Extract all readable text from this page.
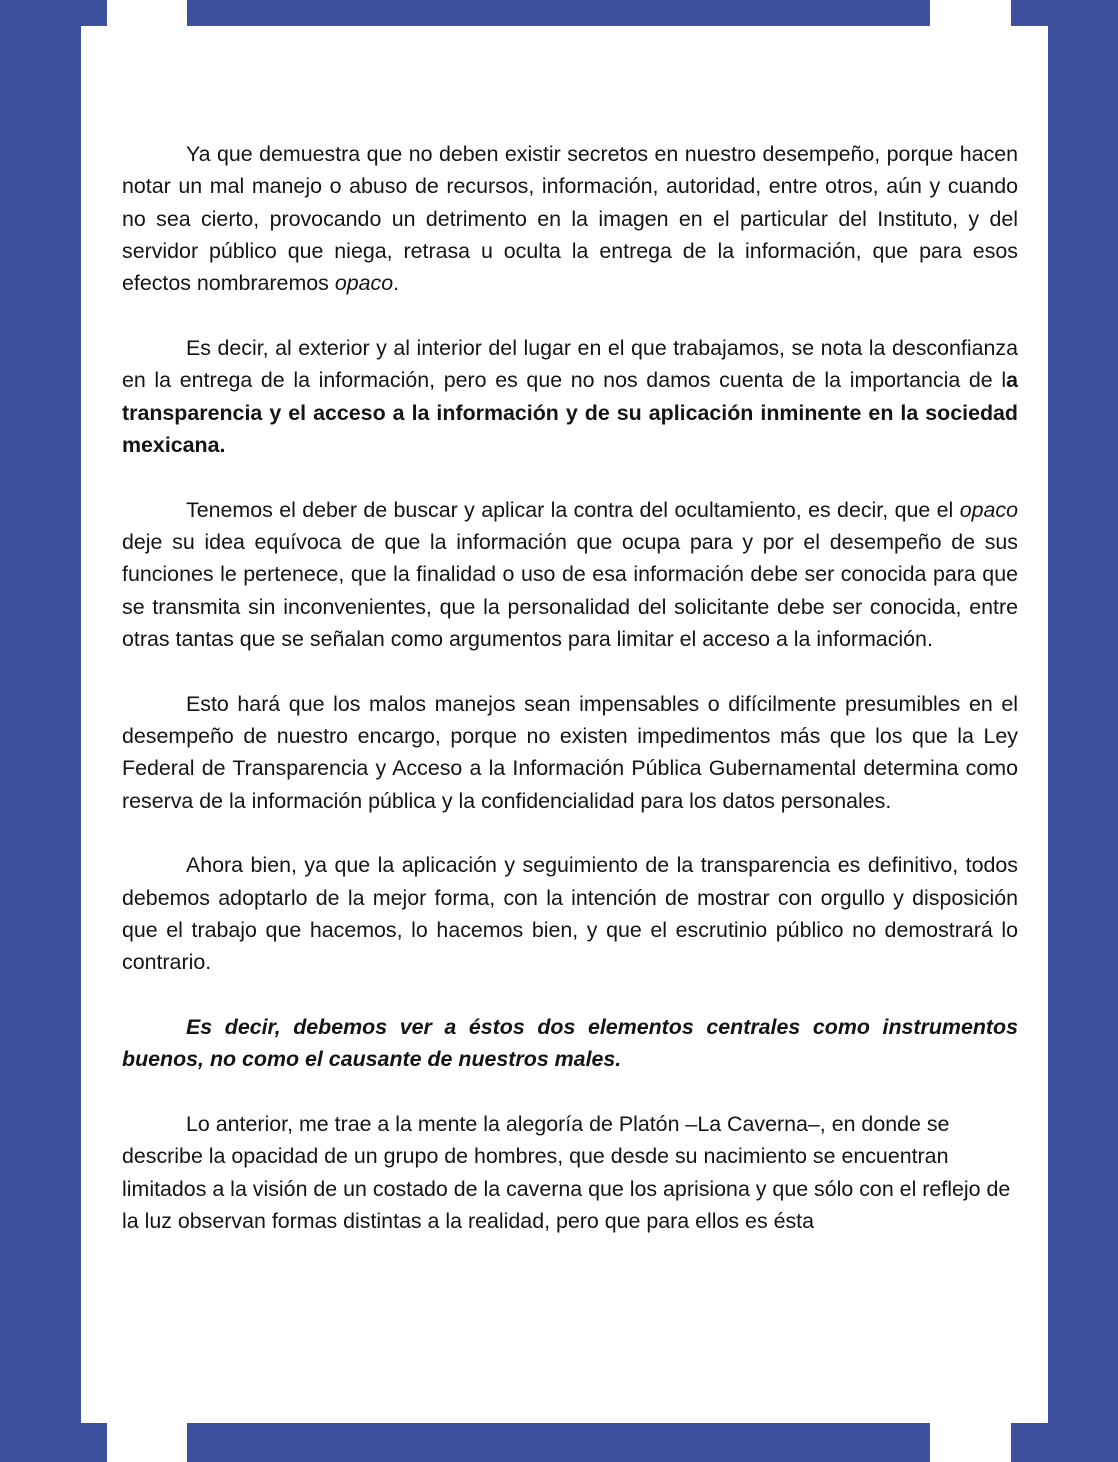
Ya que demuestra que no deben existir secretos en nuestro desempeño, porque hacen notar un mal manejo o abuso de recursos, información, autoridad, entre otros, aún y cuando no sea cierto, provocando un detrimento en la imagen en el particular del Instituto, y del servidor público que niega, retrasa u oculta la entrega de la información, que para esos efectos nombraremos opaco.

Es decir, al exterior y al interior del lugar en el que trabajamos, se nota la desconfianza en la entrega de la información, pero es que no nos damos cuenta de la importancia de la transparencia y el acceso a la información y de su aplicación inminente en la sociedad mexicana.

Tenemos el deber de buscar y aplicar la contra del ocultamiento, es decir, que el opaco deje su idea equívoca de que la información que ocupa para y por el desempeño de sus funciones le pertenece, que la finalidad o uso de esa información debe ser conocida para que se transmita sin inconvenientes, que la personalidad del solicitante debe ser conocida, entre otras tantas que se señalan como argumentos para limitar el acceso a la información.

Esto hará que los malos manejos sean impensables o difícilmente presumibles en el desempeño de nuestro encargo, porque no existen impedimentos más que los que la Ley Federal de Transparencia y Acceso a la Información Pública Gubernamental determina como reserva de la información pública y la confidencialidad para los datos personales.

Ahora bien, ya que la aplicación y seguimiento de la transparencia es definitivo, todos debemos adoptarlo de la mejor forma, con la intención de mostrar con orgullo y disposición que el trabajo que hacemos, lo hacemos bien, y que el escrutinio público no demostrará lo contrario.

Es decir, debemos ver a éstos dos elementos centrales como instrumentos buenos, no como el causante de nuestros males.

Lo anterior, me trae a la mente la alegoría de Platón –La Caverna–, en donde se describe la opacidad de un grupo de hombres, que desde su nacimiento se encuentran limitados a la visión de un costado de la caverna que los aprisiona y que sólo con el reflejo de la luz observan formas distintas a la realidad, pero que para ellos es ésta
